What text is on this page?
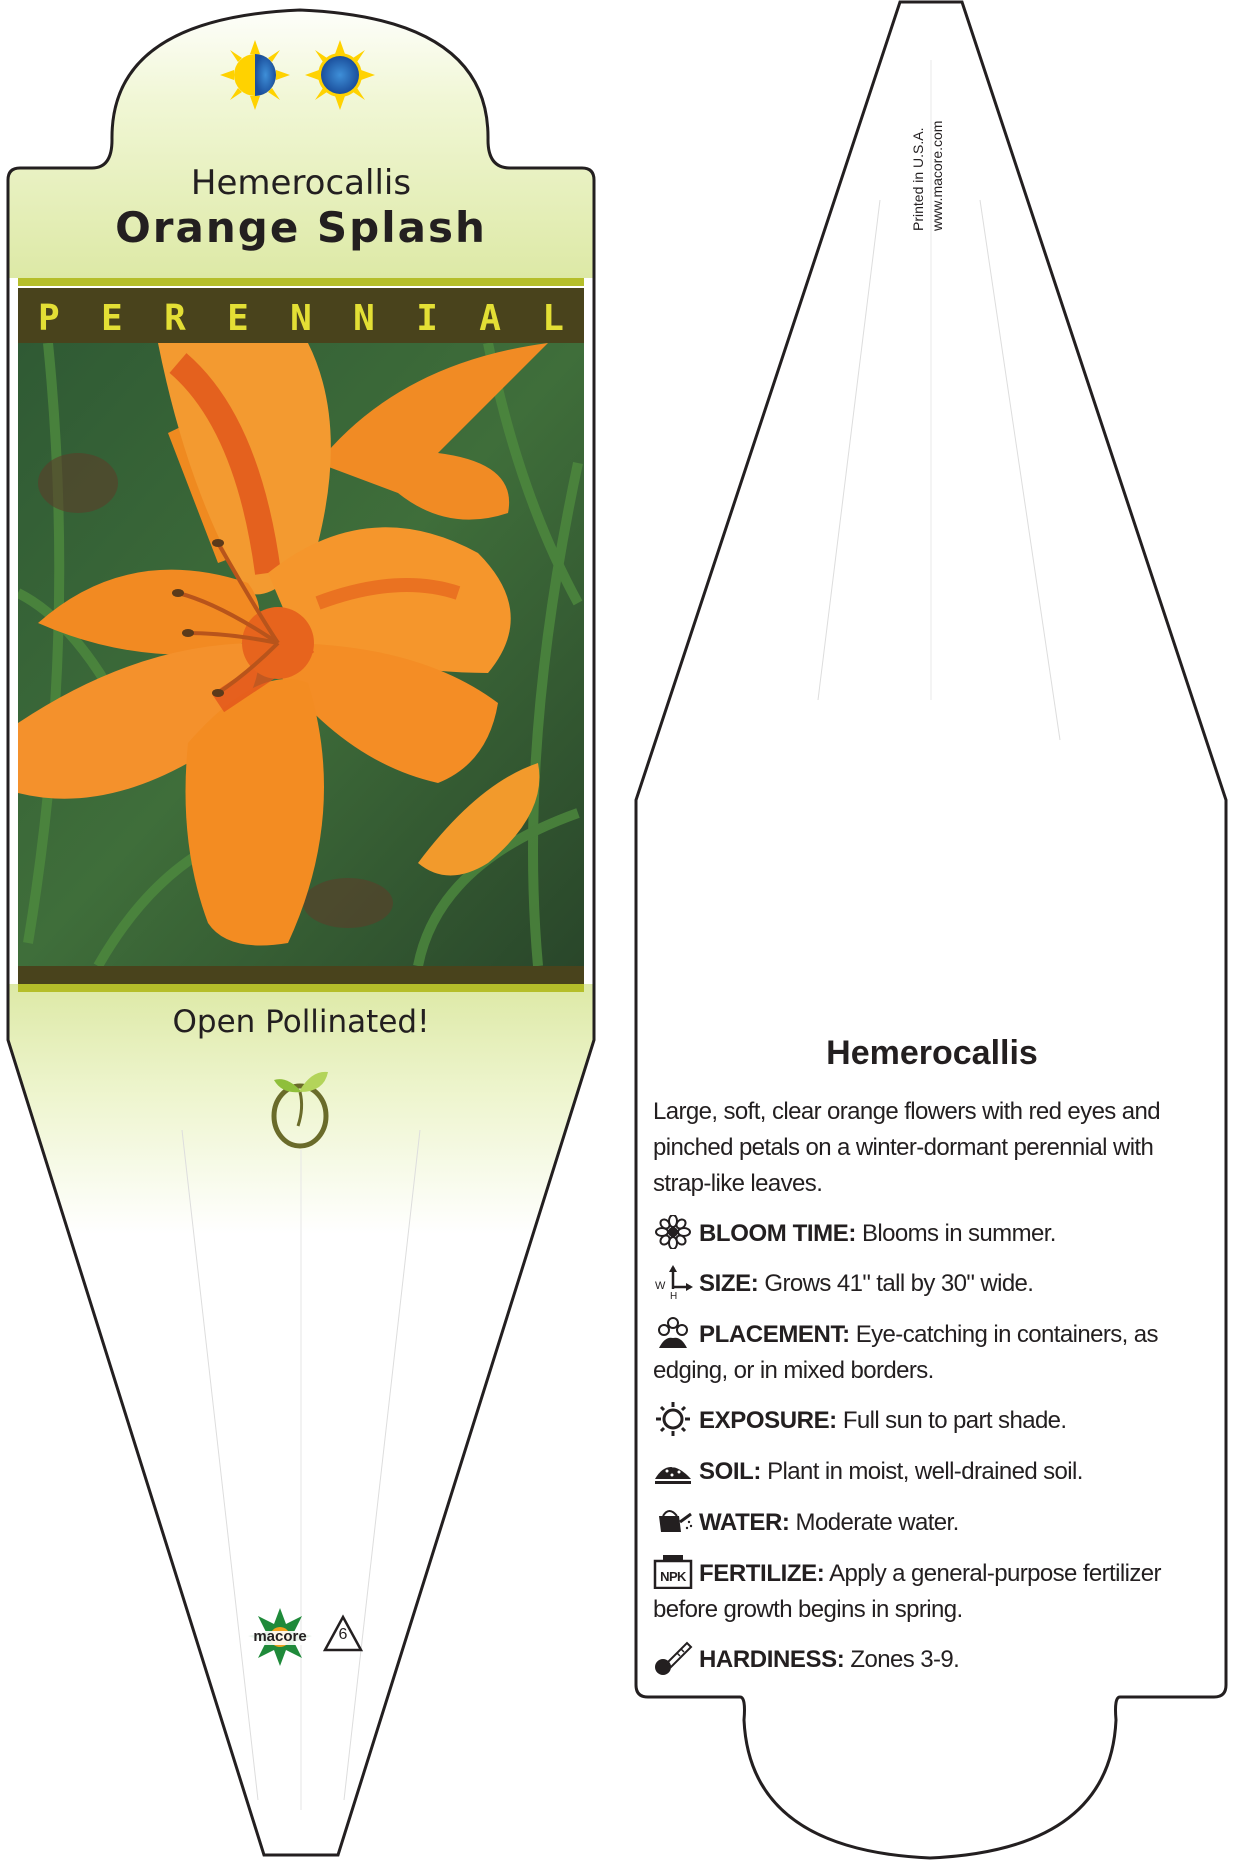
Hemerocallis
Orange Splash
P E R E N N I A L
Open Pollinated!
macore	6
Printed in U.S.A. www.macore.com
Hemerocallis
Large, soft, clear orange flowers with red eyes and pinched petals on a winter-dormant perennial with strap-like leaves.
BLOOM TIME: Blooms in summer.
W
H SIZE: Grows 41" tall by 30" wide.
PLACEMENT: Eye-catching in containers, as edging, or in mixed borders.
EXPOSURE: Full sun to part shade.
SOIL: Plant in moist, well-drained soil.
WATER: Moderate water.
NPK FERTILIZE: Apply a general-purpose fertilizer before growth begins in spring.
HARDINESS: Zones 3-9.
